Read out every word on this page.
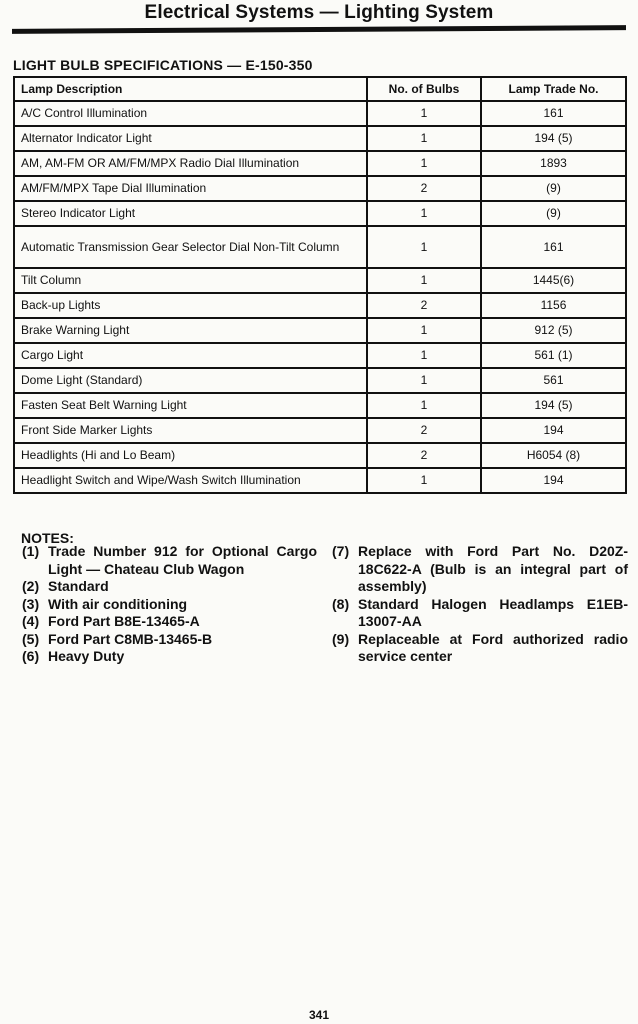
Electrical Systems — Lighting System
LIGHT BULB SPECIFICATIONS — E-150-350
Lamp Description	No. of Bulbs	Lamp Trade No.
A/C Control Illumination	1	161
Alternator Indicator Light	1	194 (5)
AM, AM-FM OR AM/FM/MPX Radio Dial Illumination	1	1893
AM/FM/MPX Tape Dial Illumination	2	(9)
Stereo Indicator Light	1	(9)
Automatic Transmission Gear Selector Dial Non-Tilt Column	1	161
Tilt Column	1	1445(6)
Back-up Lights	2	1156
Brake Warning Light	1	912 (5)
Cargo Light	1	561 (1)
Dome Light (Standard)	1	561
Fasten Seat Belt Warning Light	1	194 (5)
Front Side Marker Lights	2	194
Headlights (Hi and Lo Beam)	2	H6054 (8)
Headlight Switch and Wipe/Wash Switch Illumination	1	194
NOTES:
(1) Trade Number 912 for Optional Cargo Light — Chateau Club Wagon
(2) Standard
(3) With air conditioning
(4) Ford Part B8E-13465-A
(5) Ford Part C8MB-13465-B
(6) Heavy Duty
(7) Replace with Ford Part No. D20Z-18C622-A (Bulb is an integral part of assembly)
(8) Standard Halogen Headlamps E1EB-13007-AA
(9) Replaceable at Ford authorized radio service center
341
